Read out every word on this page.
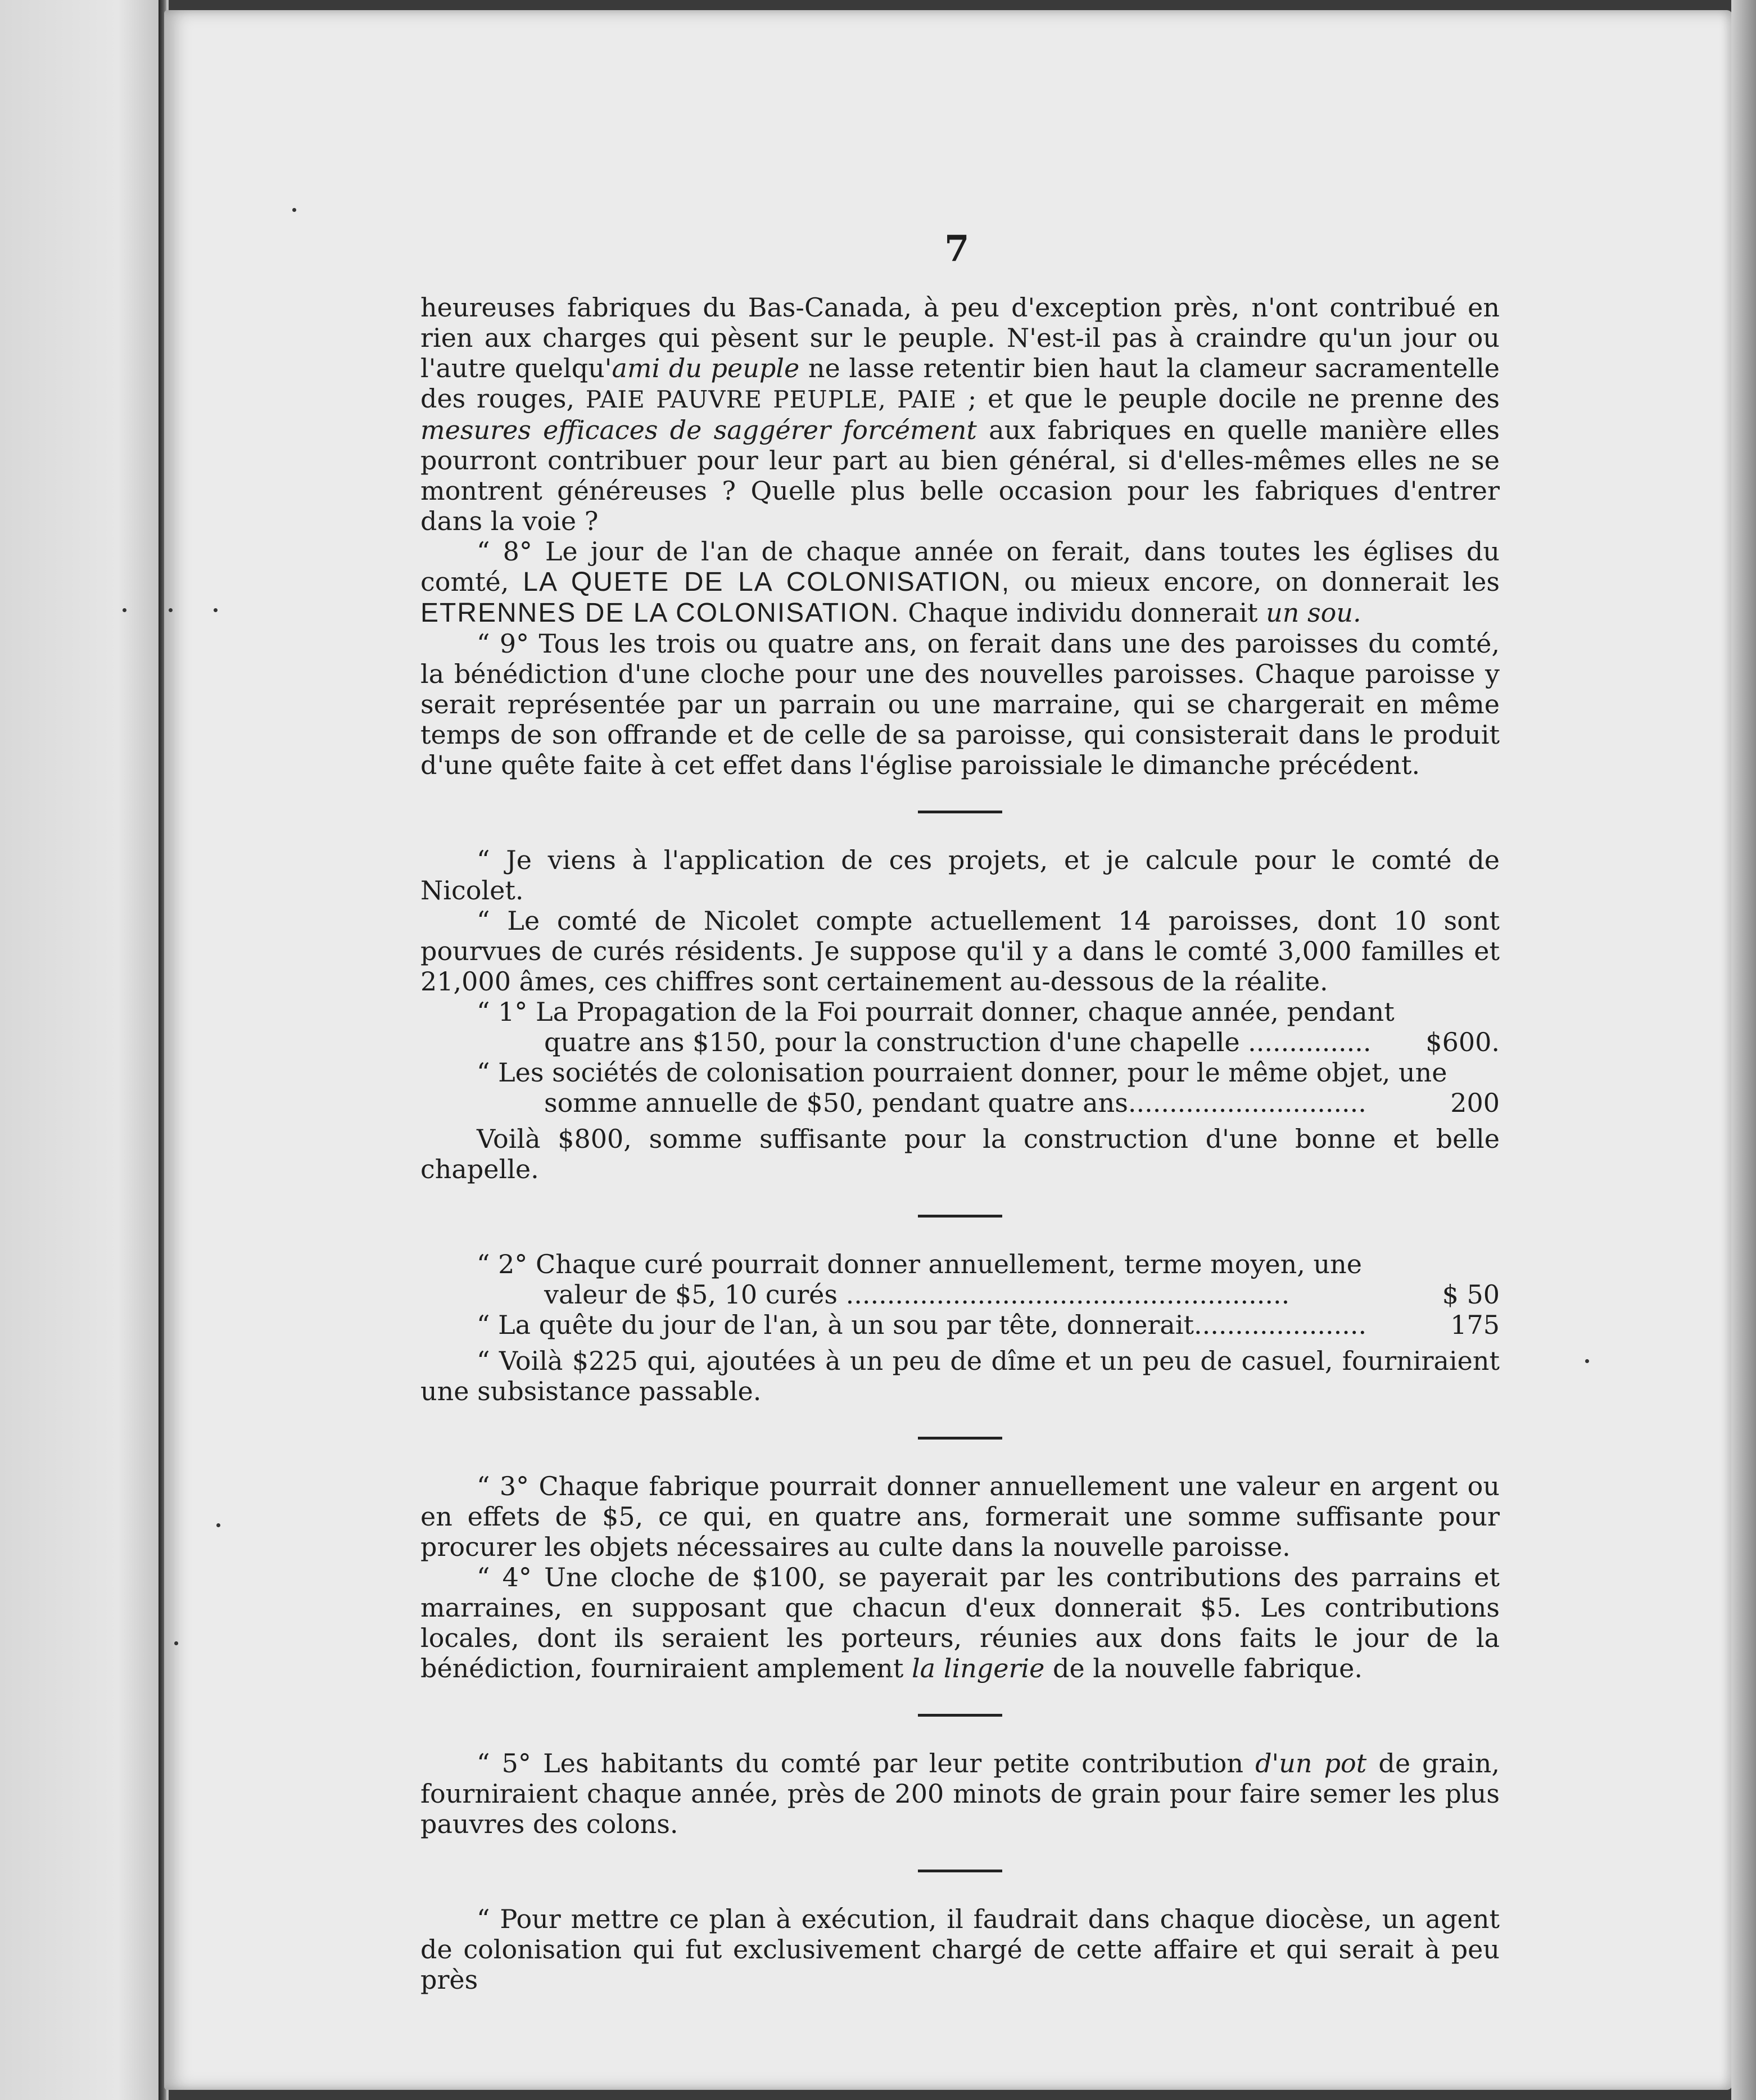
7

heureuses fabriques du Bas-Canada, à peu d'exception près, n'ont contribué en rien aux charges qui pèsent sur le peuple. N'est-il pas à craindre qu'un jour ou l'autre quelqu'ami du peuple ne lasse retentir bien haut la clameur sacramentelle des rouges, PAIE PAUVRE PEUPLE, PAIE ; et que le peuple docile ne prenne des mesures efficaces de saggérer forcément aux fabriques en quelle manière elles pourront contribuer pour leur part au bien général, si d'elles-mêmes elles ne se montrent généreuses ? Quelle plus belle occasion pour les fabriques d'entrer dans la voie ?

“ 8° Le jour de l'an de chaque année on ferait, dans toutes les églises du comté, LA QUETE DE LA COLONISATION, ou mieux encore, on donnerait les ETRENNES DE LA COLONISATION. Chaque individu donnerait un sou.

“ 9° Tous les trois ou quatre ans, on ferait dans une des paroisses du comté, la bénédiction d'une cloche pour une des nouvelles paroisses. Chaque paroisse y serait représentée par un parrain ou une marraine, qui se chargerait en même temps de son offrande et de celle de sa paroisse, qui consisterait dans le produit d'une quête faite à cet effet dans l'église paroissiale le dimanche précédent.

“ Je viens à l'application de ces projets, et je calcule pour le comté de Nicolet.

“ Le comté de Nicolet compte actuellement 14 paroisses, dont 10 sont pourvues de curés résidents. Je suppose qu'il y a dans le comté 3,000 familles et 21,000 âmes, ces chiffres sont certainement au-dessous de la réalite.

“ 1° La Propagation de la Foi pourrait donner, chaque année, pendant

quatre ans $150, pour la construction d'une chapelle ...............	$600.

“ Les sociétés de colonisation pourraient donner, pour le même objet, une

somme annuelle de $50, pendant quatre ans.............................	200

Voilà $800, somme suffisante pour la construction d'une bonne et belle chapelle.

“ 2° Chaque curé pourrait donner annuellement, terme moyen, une

valeur de $5, 10 curés ......................................................	$ 50
“ La quête du jour de l'an, à un sou par tête, donnerait.....................	175

“ Voilà $225 qui, ajoutées à un peu de dîme et un peu de casuel, fourniraient une subsistance passable.

“ 3° Chaque fabrique pourrait donner annuellement une valeur en argent ou en effets de $5, ce qui, en quatre ans, formerait une somme suffisante pour procurer les objets nécessaires au culte dans la nouvelle paroisse.

“ 4° Une cloche de $100, se payerait par les contributions des parrains et marraines, en supposant que chacun d'eux donnerait $5. Les contributions locales, dont ils seraient les porteurs, réunies aux dons faits le jour de la bénédiction, fourniraient amplement la lingerie de la nouvelle fabrique.

“ 5° Les habitants du comté par leur petite contribution d'un pot de grain, fourniraient chaque année, près de 200 minots de grain pour faire semer les plus pauvres des colons.

“ Pour mettre ce plan à exécution, il faudrait dans chaque diocèse, un agent de colonisation qui fut exclusivement chargé de cette affaire et qui serait à peu près
